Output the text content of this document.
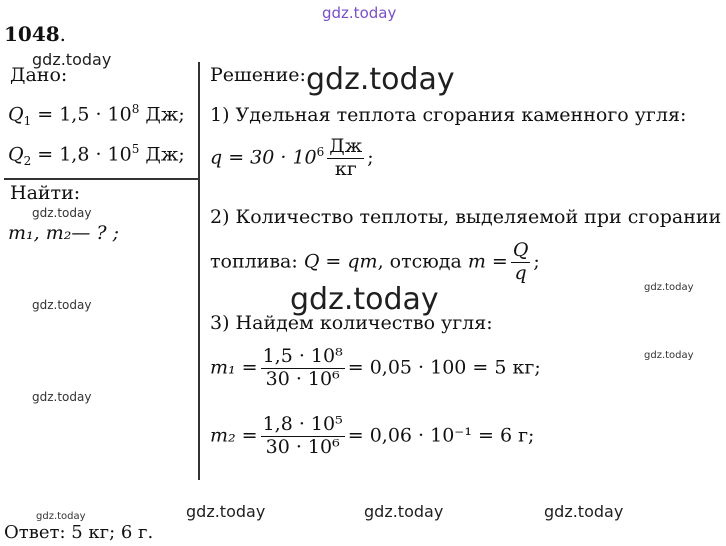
gdz.today
gdz.today
gdz.today
gdz.today
gdz.today
gdz.today
gdz.today
gdz.today	gdz.today
gdz.today
gdz.today	gdz.today	gdz.today
1048.
Дано:
$Q_1 = 1,5 \cdot 10^8$ Дж;
$Q_2 = 1,8 \cdot 10^5$ Дж;
Найти:
m₁, m₂— ? ;
Решение:
1) Удельная теплота сгорания каменного угля:
$q = 30 \cdot 10^6 \frac{Дж}{кг}$ ;
2) Количество теплоты, выделяемой при сгорании
топлива: Q = qm, отсюда $m = \frac{Q}{q}$ ;
3) Найдем количество угля:
$m_1 = \frac{\text{1,5 · 10⁸}}{\text{30 · 10⁶}} = 0,05 \cdot 100 = 5$ кг;
$m_2 = \frac{\text{1,8 · 10⁵}}{\text{30 · 10⁶}} = 0,06 \cdot 10^{-1} = 6$ г;
Ответ: 5 кг; 6 г.
